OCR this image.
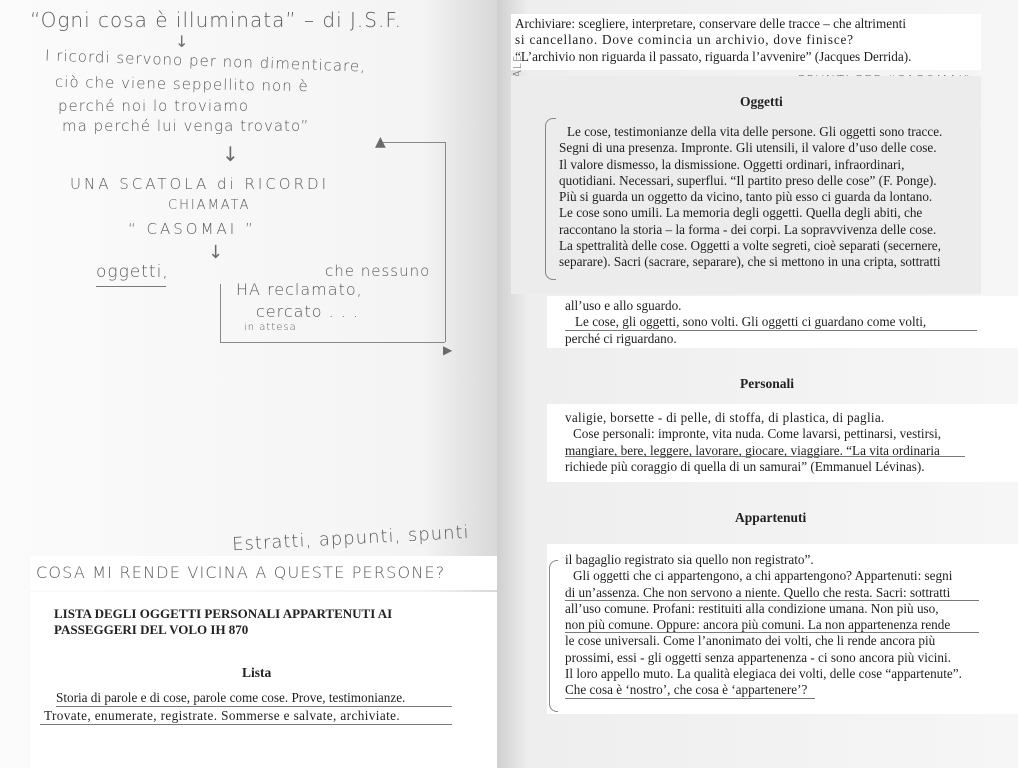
“Ogni cosa è illuminata” – di J.S.F.
↓
I ricordi servono per non dimenticare,
ciò che viene seppellito non è
perché noi lo troviamo
ma perché lui venga trovato”
↓
UNA SCATOLA di RICORDI
CHIAMATA
“ CASOMAI ”
↓
oggetti,	che nessuno
HA reclamato,
cercato . . .
in attesa
▲
▶
Estratti, appunti, spunti
COSA MI RENDE VICINA A QUESTE PERSONE?
LISTA DEGLI OGGETTI PERSONALI APPARTENUTI AI PASSEGGERI DEL VOLO IH 870
Lista
Storia di parole e di cose, parole come cose. Prove, testimonianze.
Trovate, enumerate, registrate. Sommerse e salvate, archiviate.

Archiviare: scegliere, interpretare, conservare delle tracce – che altrimenti

si cancellano. Dove comincia un archivio, dove finisce?

“L’archivio non riguarda il passato, riguarda l’avvenire” (Jacques Derrida).

Oggetti

Le cose, testimonianze della vita delle persone. Gli oggetti sono tracce.

Segni di una presenza. Impronte. Gli utensili, il valore d’uso delle cose.

Il valore dismesso, la dismissione. Oggetti ordinari, infraordinari,

quotidiani. Necessari, superflui. “Il partito preso delle cose” (F. Ponge).

Più si guarda un oggetto da vicino, tanto più esso ci guarda da lontano.

Le cose sono umili. La memoria degli oggetti. Quella degli abiti, che

raccontano la storia – la forma - dei corpi. La sopravvivenza delle cose.

La spettralità delle cose. Oggetti a volte segreti, cioè separati (secernere,

separare). Sacri (sacrare, separare), che si mettono in una cripta, sottratti

all’uso e allo sguardo.

Le cose, gli oggetti, sono volti. Gli oggetti ci guardano come volti,

perché ci riguardano.

Personali

valigie, borsette - di pelle, di stoffa, di plastica, di paglia.

Cose personali: impronte, vita nuda. Come lavarsi, pettinarsi, vestirsi,

mangiare, bere, leggere, lavorare, giocare, viaggiare. “La vita ordinaria

richiede più coraggio di quella di un samurai” (Emmanuel Lévinas).

Appartenuti

il bagaglio registrato sia quello non registrato”.

Gli oggetti che ci appartengono, a chi appartengono? Appartenuti: segni

di un’assenza. Che non servono a niente. Quello che resta. Sacri: sottratti

all’uso comune. Profani: restituiti alla condizione umana. Non più uso,

non più comune. Oppure: ancora più comuni. La non appartenenza rende

le cose universali. Come l’anonimato dei volti, che li rende ancora più

prossimi, essi - gli oggetti senza appartenenza - ci sono ancora più vicini.

Il loro appello muto. La qualità elegiaca dei volti, delle cose “appartenute”.

Che cosa è ‘nostro’, che cosa è ‘appartenere’?
